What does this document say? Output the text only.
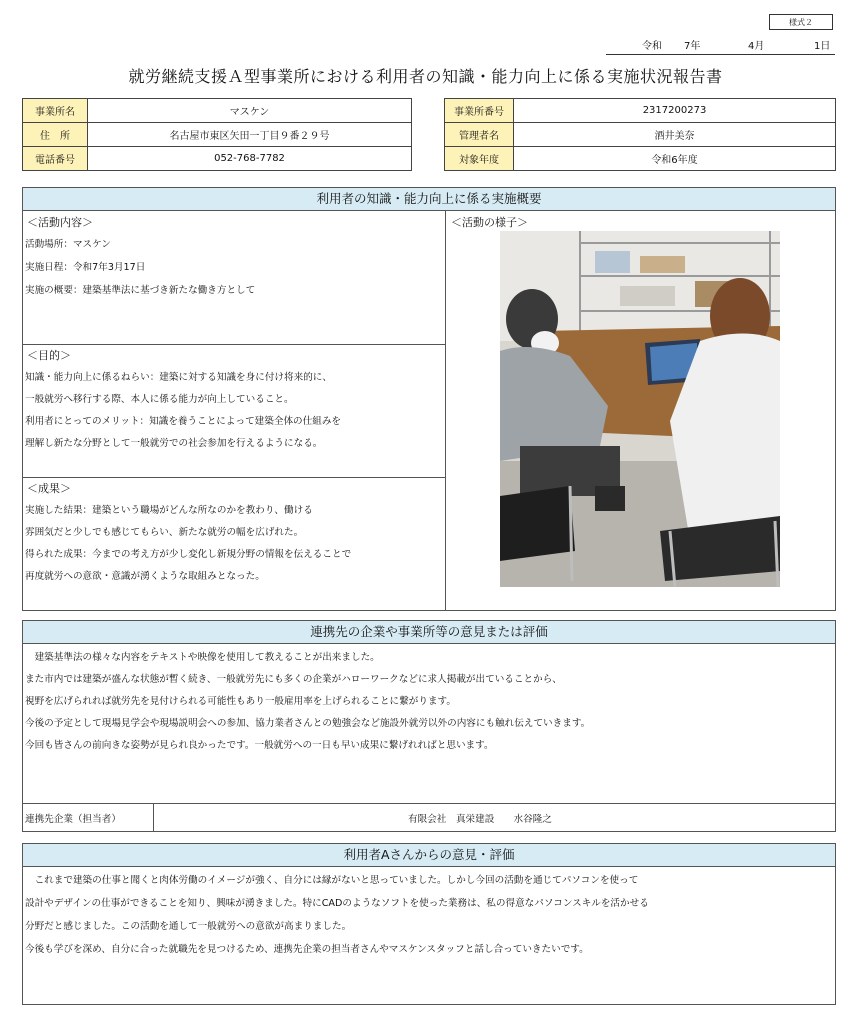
様式２
令和 7年	4月	1日
就労継続支援Ａ型事業所における利用者の知識・能力向上に係る実施状況報告書
事業所名	マスケン
住　所	名古屋市東区矢田一丁目９番２９号
電話番号	052-768-7782
事業所番号	2317200273
管理者名	酒井美奈
対象年度	令和6年度
利用者の知識・能力向上に係る実施概要
＜活動内容＞
活動場所：マスケン
実施日程：令和7年3月17日
実施の概要：建築基準法に基づき新たな働き方として
＜目的＞
知識・能力向上に係るねらい：建築に対する知識を身に付け将来的に、
一般就労へ移行する際、本人に係る能力が向上していること。
利用者にとってのメリット：知識を養うことによって建築全体の仕組みを
理解し新たな分野として一般就労での社会参加を行えるようになる。
＜成果＞
実施した結果：建築という職場がどんな所なのかを教わり、働ける
雰囲気だと少しでも感じてもらい、新たな就労の幅を広げれた。
得られた成果：今までの考え方が少し変化し新規分野の情報を伝えることで
再度就労への意欲・意識が湧くような取組みとなった。
＜活動の様子＞
連携先の企業や事業所等の意見または評価
　建築基準法の様々な内容をテキストや映像を使用して教えることが出来ました。
また市内では建築が盛んな状態が暫く続き、一般就労先にも多くの企業がハローワークなどに求人掲載が出ていることから、
視野を広げられれば就労先を見付けられる可能性もあり一般雇用率を上げられることに繋がります。
今後の予定として現場見学会や現場説明会への参加、協力業者さんとの勉強会など施設外就労以外の内容にも触れ伝えていきます。
今回も皆さんの前向きな姿勢が見られ良かったです。一般就労への一日も早い成果に繋げれればと思います。
連携先企業（担当者）	有限会社　真栄建設　　水谷隆之
利用者Aさんからの意見・評価
　これまで建築の仕事と聞くと肉体労働のイメージが強く、自分には縁がないと思っていました。しかし今回の活動を通じてパソコンを使って
設計やデザインの仕事ができることを知り、興味が湧きました。特にCADのようなソフトを使った業務は、私の得意なパソコンスキルを活かせる
分野だと感じました。この活動を通して一般就労への意欲が高まりました。
今後も学びを深め、自分に合った就職先を見つけるため、連携先企業の担当者さんやマスケンスタッフと話し合っていきたいです。
